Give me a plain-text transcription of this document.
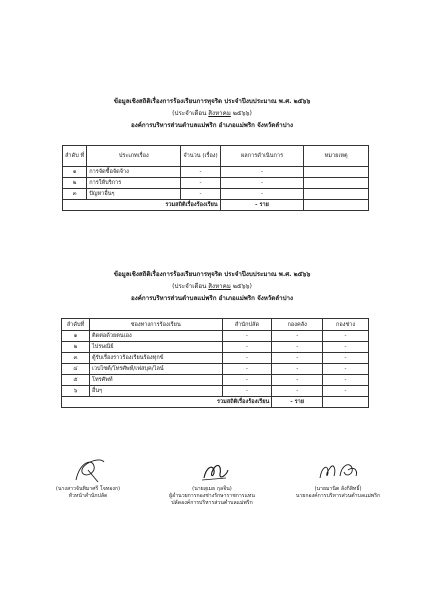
ข้อมูลเชิงสถิติเรื่องการร้องเรียนการทุจริต ประจำปีงบประมาณ พ.ศ. ๒๕๖๖
(ประจำเดือน สิงหาคม ๒๕๖๖)
องค์การบริหารส่วนตำบลแม่พริก อำเภอแม่พริก จังหวัดลำปาง
ลำดับ ที่	ประเภทเรื่อง	จำนวน (เรื่อง)	ผลการดำเนินการ	หมายเหตุ
๑	การจัดซื้อจัดจ้าง	-	-	
๒	การให้บริการ	-	-	
๓	ปัญหาอื่นๆ	-	-	
รวมสถิติเรื่องร้องเรียน			- ราย	
ข้อมูลเชิงสถิติเรื่องการร้องเรียนการทุจริต ประจำปีงบประมาณ พ.ศ. ๒๕๖๖
(ประจำเดือน สิงหาคม ๒๕๖๖)
องค์การบริหารส่วนตำบลแม่พริก อำเภอแม่พริก จังหวัดลำปาง
ลำดับที่	ช่องทางการร้องเรียน	สำนักปลัด	กองคลัง	กองช่าง
๑	ติดต่อด้วยตนเอง	-	-	-
๒	ไปรษณีย์	-	-	-
๓	ตู้รับเรื่องราวร้องเรียนร้องทุกข์	-	-	-
๔	เวบไซต์/โทรศัพท์/เฟสบุค/ไลน์	-	-	-
๕	โทรศัพท์	-	-	-
๖	อื่นๆ	-	-	-
รวมสถิติเรื่องร้องเรียน			- ราย	
(นางสาวจันทิมาศรี โจทองก)
หัวหน้าสำนักปลัด
(นายสุเมธ กุลจีน)
ผู้อำนวยการกองช่างรักษาราชการแทน
ปลัดองค์การบริหารส่วนตำบลแม่พริก
(นายมานิต ลังกิสิทธิ์)
นายกองค์การบริหารส่วนตำบลแม่พริก
